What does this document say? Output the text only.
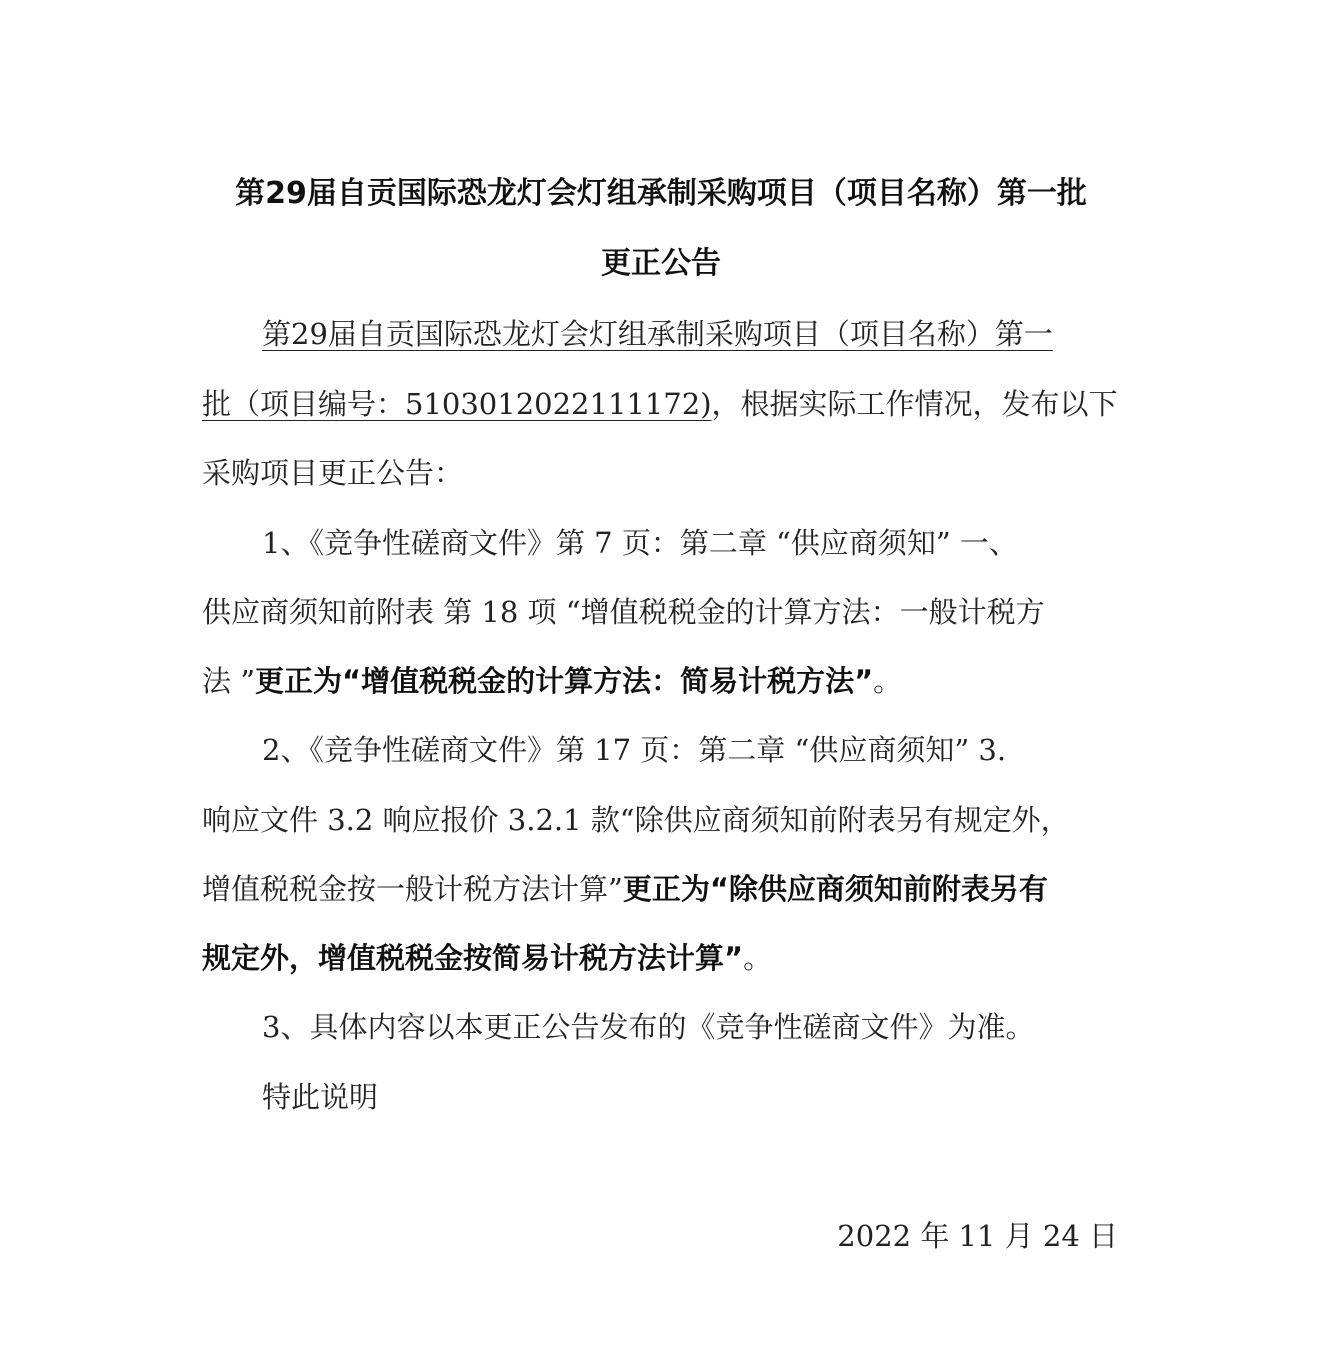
第29届自贡国际恐龙灯会灯组承制采购项目（项目名称）第一批
更正公告
第29届自贡国际恐龙灯会灯组承制采购项目（项目名称）第一
批（项目编号：5103012022111172) ，根据实际工作情况，发布以下
采购项目更正公告：
1、《竞争性磋商文件》第 7 页：第二章 “供应商须知” 一、
供应商须知前附表 第 18 项 “增值税税金的计算方法：一般计税方
法 ” 更正为“增值税税金的计算方法：简易计税方法” 。
2、《竞争性磋商文件》第 17 页：第二章 “供应商须知” 3.
响应文件 3.2 响应报价 3.2.1 款“除供应商须知前附表另有规定外，
增值税税金按一般计税方法计算” 更正为“除供应商须知前附表另有
规定外，增值税税金按简易计税方法计算” 。
3、具体内容以本更正公告发布的《竞争性磋商文件》为准。
特此说明
2022 年 11 月 24 日
